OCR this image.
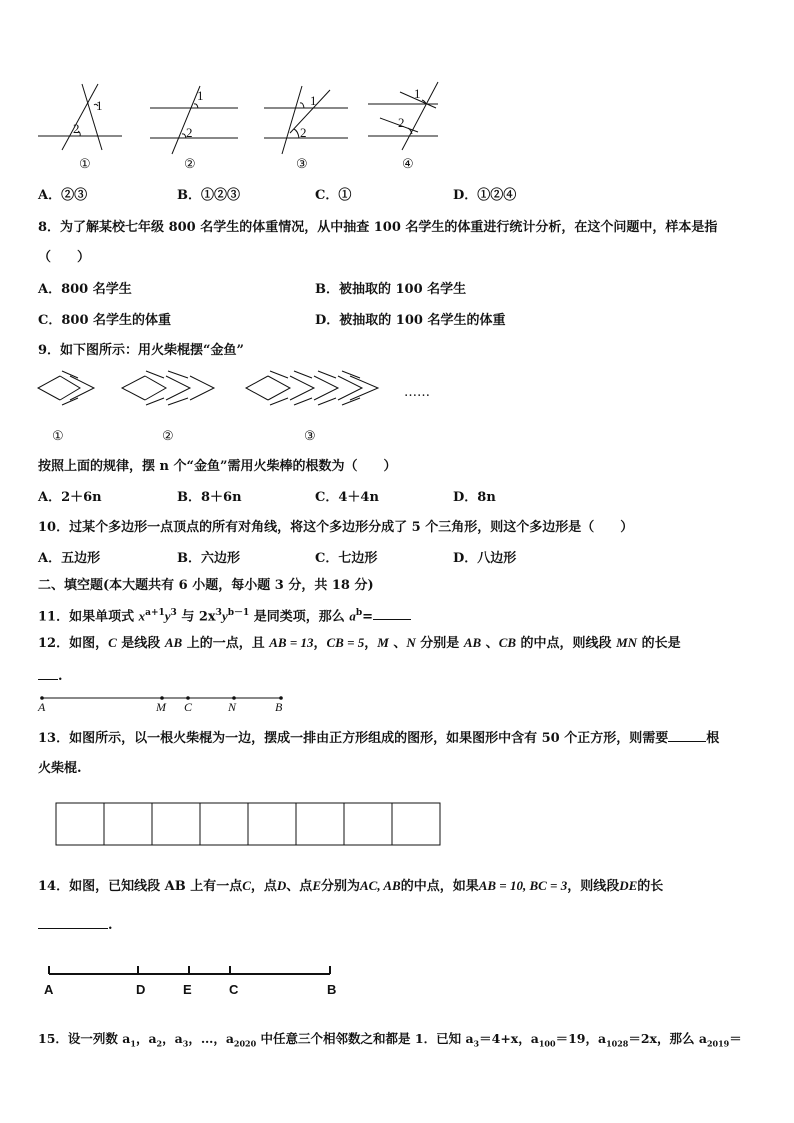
1
2
1
2
1
2
1
2
①	②	③	④
A．②③	B．①②③	C．①	D．①②④
8．为了解某校七年级 800 名学生的体重情况，从中抽查 100 名学生的体重进行统计分析，在这个问题中，样本是指
（　　）
A．800 名学生	B．被抽取的 100 名学生
C．800 名学生的体重	D．被抽取的 100 名学生的体重
9．如下图所示：用火柴棍摆“金鱼”
……
①	②	③
按照上面的规律，摆 n 个“金鱼”需用火柴棒的根数为（　　）
A．2＋6n	B．8＋6n	C．4＋4n	D．8n
10．过某个多边形一点顶点的所有对角线，将这个多边形分成了 5 个三角形，则这个多边形是（　　）
A．五边形	B．六边形	C．七边形	D．八边形
二、填空题(本大题共有 6 小题，每小题 3 分，共 18 分)
11．如果单项式 $x^{a+1}y^3$ 与 $2x^3y^{b-1}$ 是同类项，那么 $a^b=$
12．如图，C 是线段 AB 上的一点，且 AB = 13，CB = 5，M 、N 分别是 AB 、CB 的中点，则线段 MN 的长是
.
A	M C	N	B
13．如图所示，以一根火柴棍为一边，摆成一排由正方形组成的图形，如果图形中含有 50 个正方形，则需要	根
火柴棍.
14．如图，已知线段 AB 上有一点C，点D、点E分别为AC, AB的中点，如果AB = 10, BC = 3，则线段DE的长
.
A	D	E	C	B
15．设一列数 $a_1$，$a_2$，$a_3$，…，$a_{2020}$ 中任意三个相邻数之和都是 1．已知 $a_3=4+x$，$a_{100}=19$，$a_{1028}=2x$，那么 $a_{2019}=$
